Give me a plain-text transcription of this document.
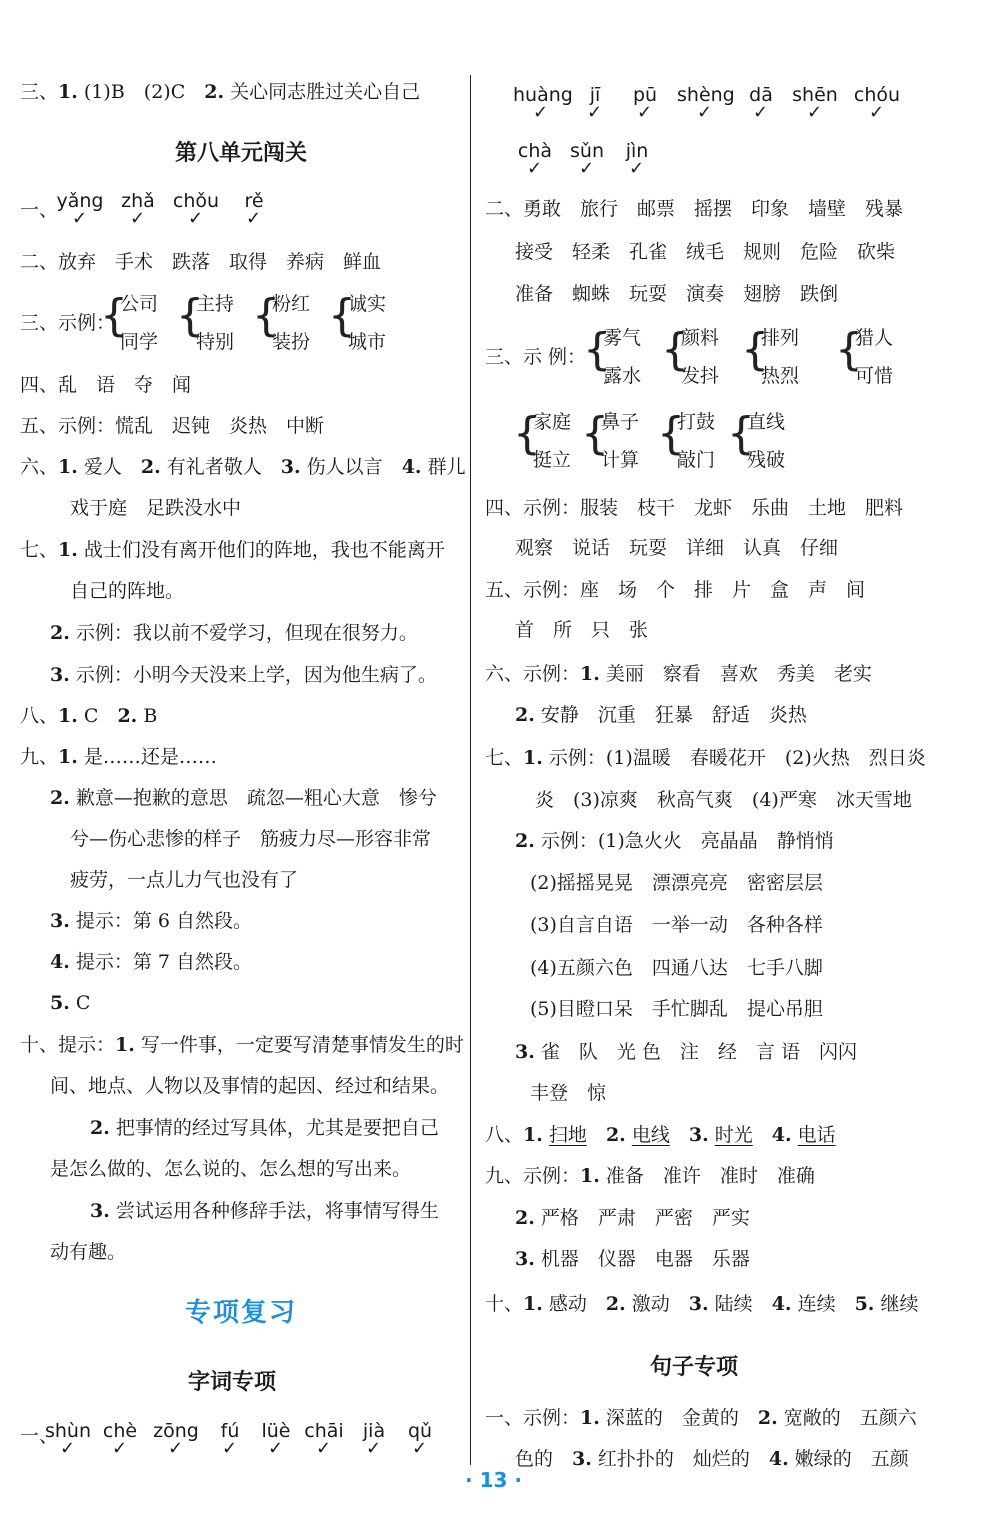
三、1. (1)B　(2)C　2. 关心同志胜过关心自己
第八单元闯关
一、
yǎng
✓
zhǎ
✓
chǒu
✓
rě
✓
二、放弃　手术　跌落　取得　养病　鲜血
三、示例：
{
公司
同学
{
主持
特别
{
粉红
装扮
{
诚实
城市
四、乱　语　夺　闻
五、示例：慌乱　迟钝　炎热　中断
六、1. 爱人　2. 有礼者敬人　3. 伤人以言　4. 群儿
戏于庭　足跌没水中
七、1. 战士们没有离开他们的阵地，我也不能离开
自己的阵地。
2. 示例：我以前不爱学习，但现在很努力。
3. 示例：小明今天没来上学，因为他生病了。
八、1. C　2. B
九、1. 是……还是……
2. 歉意—抱歉的意思　疏忽—粗心大意　惨兮
兮—伤心悲惨的样子　筋疲力尽—形容非常
疲劳，一点儿力气也没有了
3. 提示：第 6 自然段。
4. 提示：第 7 自然段。
5. C
十、提示：1. 写一件事，一定要写清楚事情发生的时
间、地点、人物以及事情的起因、经过和结果。
2. 把事情的经过写具体，尤其是要把自己
是怎么做的、怎么说的、怎么想的写出来。
3. 尝试运用各种修辞手法，将事情写得生
动有趣。
专项复习
字词专项
一、
shùn
✓
chè
✓
zōng
✓
fú
✓
lüè
✓
chāi
✓
jià
✓
qǔ
✓
huàng
✓
jī
✓
pū
✓
shèng
✓
dā
✓
shēn
✓
chóu
✓
chà
✓
sǔn
✓
jìn
✓
二、勇敢　旅行　邮票　摇摆　印象　墙壁　残暴
接受　轻柔　孔雀　绒毛　规则　危险　砍柴
准备　蜘蛛　玩耍　演奏　翅膀　跌倒
三、示 例：
{
雾气
露水
{
颜料
发抖
{
排列
热烈
{
猎人
可惜
{
家庭
挺立
{
鼻子
计算
{
打鼓
敲门
{
直线
残破
四、示例：服装　枝干　龙虾　乐曲　土地　肥料
观察　说话　玩耍　详细　认真　仔细
五、示例：座　场　个　排　片　盒　声　间
首　所　只　张
六、示例：1. 美丽　察看　喜欢　秀美　老实
2. 安静　沉重　狂暴　舒适　炎热
七、1. 示例：(1)温暖　春暖花开　(2)火热　烈日炎
炎　(3)凉爽　秋高气爽　(4)严寒　冰天雪地
2. 示例：(1)急火火　亮晶晶　静悄悄
(2)摇摇晃晃　漂漂亮亮　密密层层
(3)自言自语　一举一动　各种各样
(4)五颜六色　四通八达　七手八脚
(5)目瞪口呆　手忙脚乱　提心吊胆
3. 雀　队　光 色　注　经　言 语　闪闪
丰登　惊
八、1. 扫地　 2. 电线　 3. 时光　 4. 电话
九、示例：1. 准备　准许　准时　准确
2. 严格　严肃　严密　严实
3. 机器　仪器　电器　乐器
十、1. 感动　2. 激动　3. 陆续　4. 连续　5. 继续
句子专项
一、示例：1. 深蓝的　金黄的　2. 宽敞的　五颜六
色的　3. 红扑扑的　灿烂的　4. 嫩绿的　五颜
· 13 ·
